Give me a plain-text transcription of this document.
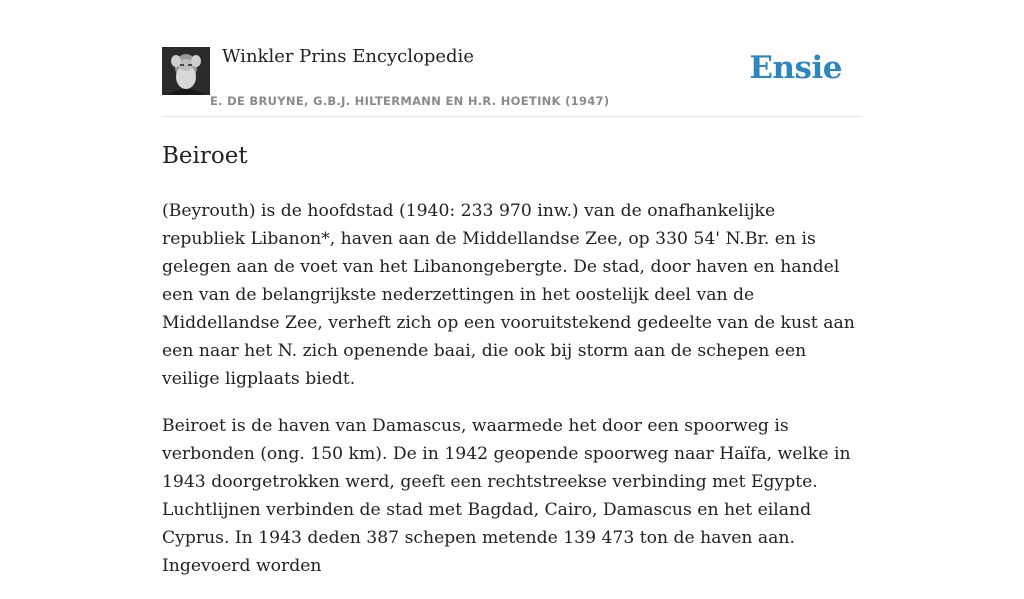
Winkler Prins Encyclopedie
E. DE BRUYNE, G.B.J. HILTERMANN EN H.R. HOETINK (1947)
Ensie
Beiroet

(Beyrouth) is de hoofdstad (1940: 233 970 inw.) van de onafhankelijke republiek Libanon*, haven aan de Middellandse Zee, op 330 54' N.Br. en is gelegen aan de voet van het Libanongebergte. De stad, door haven en handel een van de belangrijkste nederzettingen in het oostelijk deel van de Middellandse Zee, verheft zich op een vooruitstekend gedeelte van de kust aan een naar het N. zich openende baai, die ook bij storm aan de schepen een veilige ligplaats biedt.

Beiroet is de haven van Damascus, waarmede het door een spoorweg is verbonden (ong. 150 km). De in 1942 geopende spoorweg naar Haïfa, welke in 1943 doorgetrokken werd, geeft een rechtstreekse verbinding met Egypte. Luchtlijnen verbinden de stad met Bagdad, Cairo, Damascus en het eiland Cyprus. In 1943 deden 387 schepen metende 139 473 ton de haven aan. Ingevoerd worden
